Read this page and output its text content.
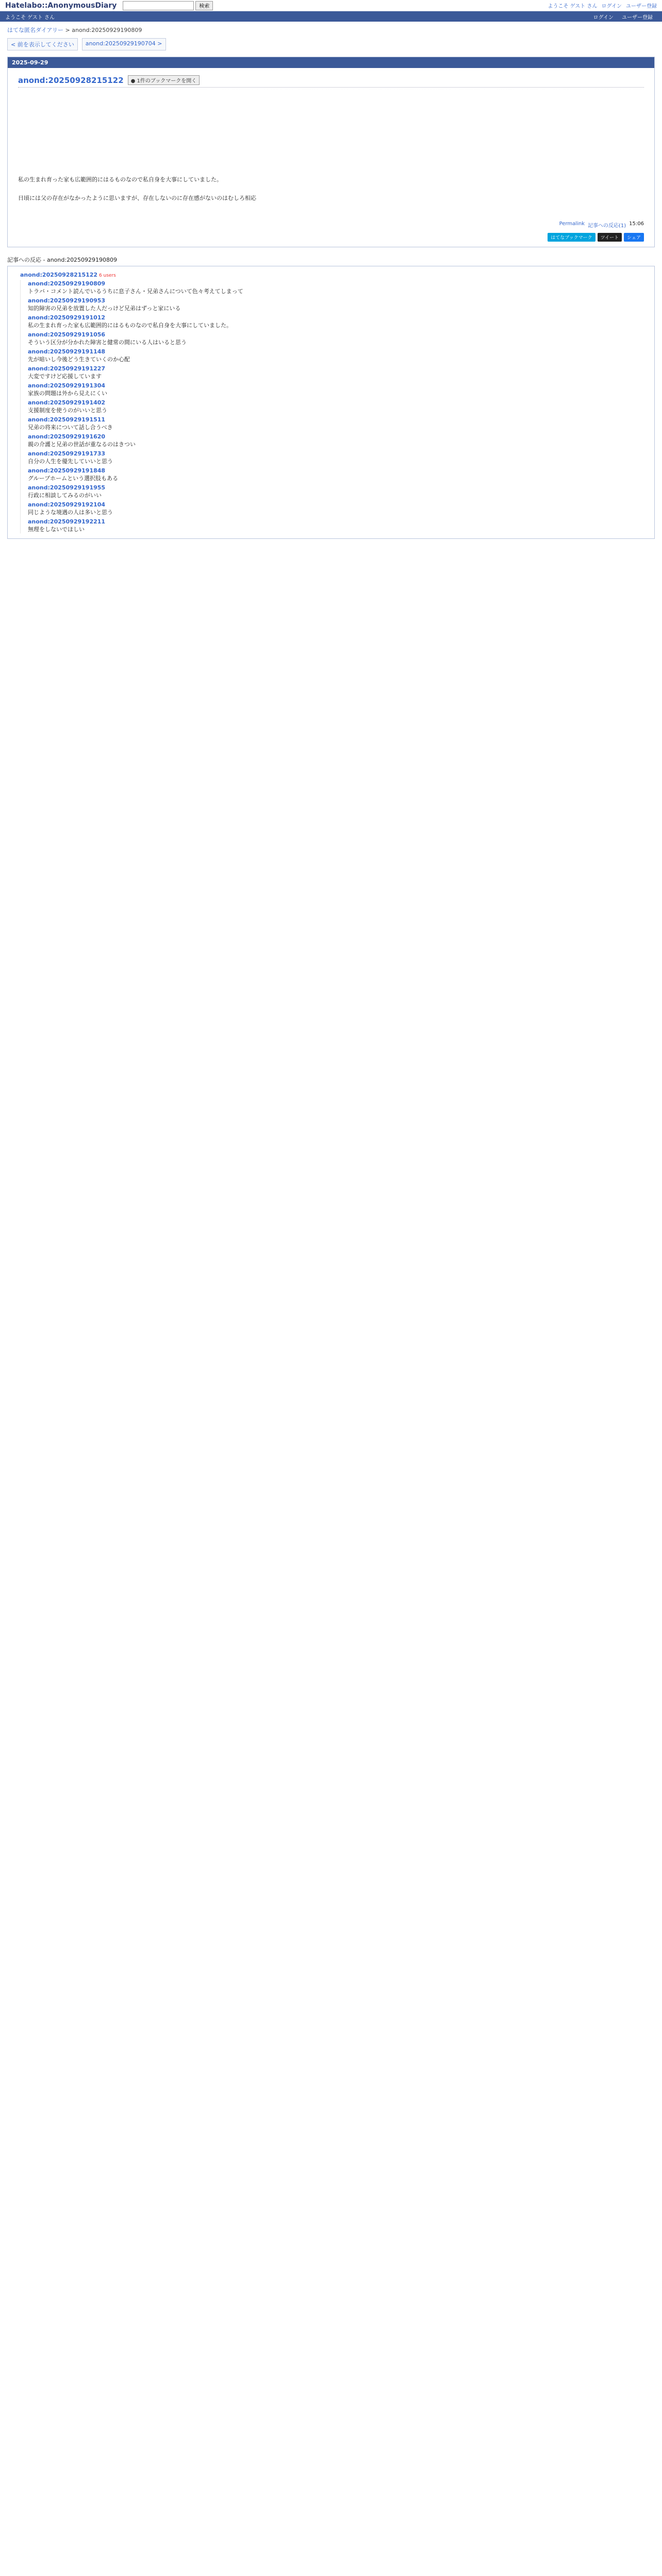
Hatelabo::AnonymousDiary	検索	ようこそ ゲスト さん ログイン ユーザー登録
ようこそ ゲスト さん	ログイン ユーザー登録
はてな匿名ダイアリー > anond:20250929190809
< 前を表示してください	anond:20250929190704 >
2025-09-29
anond:20250928215122	● 1件のブックマークを開く

私の生まれ育った家も広範囲的にはるものなので私自身を大事にしていました。

日頃には父の存在がなかったように思いますが、存在しないのに存在感がないのはむしろ相応

Permalink 記事への反応(1) 15:06
はてなブックマーク	ツイート	シェア
記事への反応 - anond:20250929190809
anond:20250928215122 6 users
anond:20250929190809
トラバ・コメント読んでいるうちに息子さん・兄弟さんについて色々考えてしまって
anond:20250929190953
知的障害の兄弟を放置した人だっけど兄弟はずっと家にいる
anond:20250929191012
私の生まれ育った家も広範囲的にはるものなので私自身を大事にしていました。
anond:20250929191056
そういう区分が分かれた障害と健常の間にいる人はいると思う
anond:20250929191148
先が暗いし今後どう生きていくのか心配
anond:20250929191227
大変ですけど応援しています
anond:20250929191304
家族の問題は外から見えにくい
anond:20250929191402
支援制度を使うのがいいと思う
anond:20250929191511
兄弟の将来について話し合うべき
anond:20250929191620
親の介護と兄弟の世話が重なるのはきつい
anond:20250929191733
自分の人生を優先していいと思う
anond:20250929191848
グループホームという選択肢もある
anond:20250929191955
行政に相談してみるのがいい
anond:20250929192104
同じような境遇の人は多いと思う
anond:20250929192211
無理をしないでほしい
